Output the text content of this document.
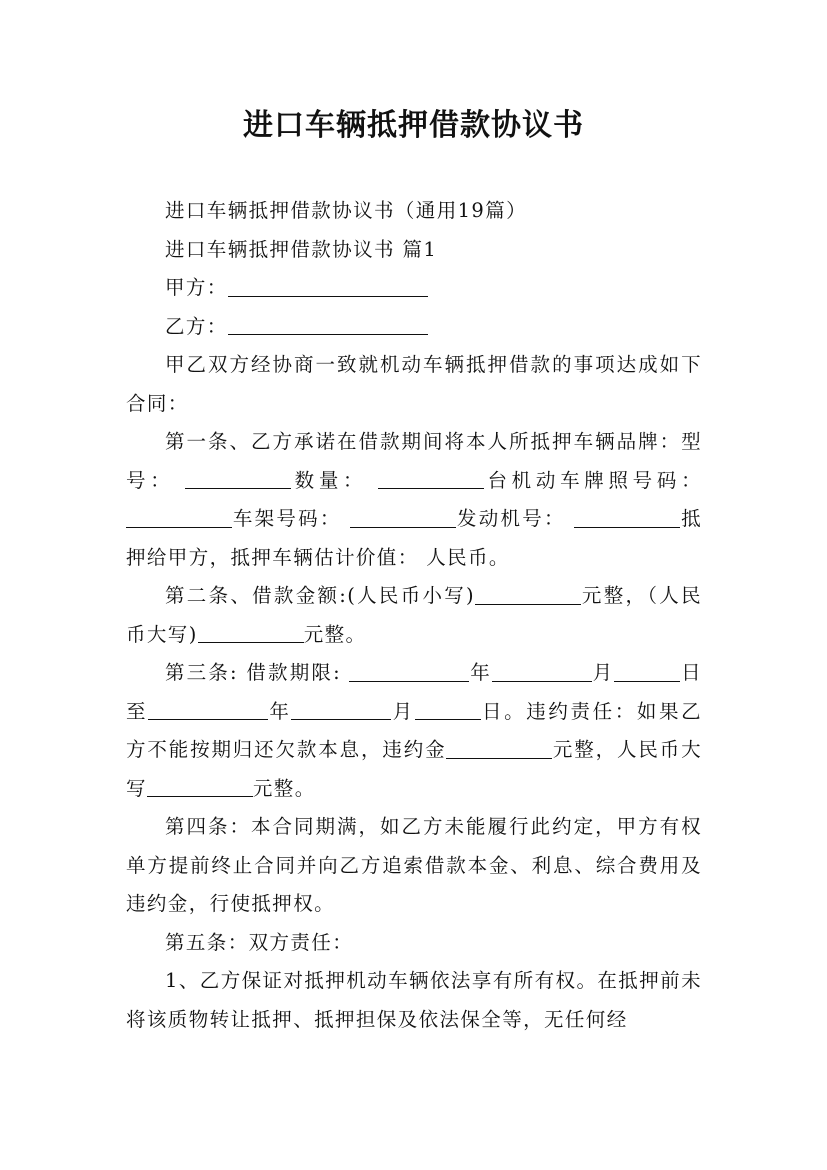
进口车辆抵押借款协议书

进口车辆抵押借款协议书（通用19篇）

进口车辆抵押借款协议书 篇1

甲方：

乙方：

甲乙双方经协商一致就机动车辆抵押借款的事项达成如下合同：

第一条、乙方承诺在借款期间将本人所抵押车辆品牌：型号：	数量：	台机动车牌照号码：车架号码：	发动机号：	抵押给甲方，抵押车辆估计价值： 人民币。

第二条、借款金额:(人民币小写)	元整，（人民币大写)	元整。

第三条: 借款期限:	年	月	日至	年	月	日。违约责任：如果乙方不能按期归还欠款本息，违约金	元整，人民币大写	元整。

第四条：本合同期满，如乙方未能履行此约定，甲方有权单方提前终止合同并向乙方追索借款本金、利息、综合费用及违约金，行使抵押权。

第五条：双方责任：

1、乙方保证对抵押机动车辆依法享有所有权。在抵押前未将该质物转让抵押、抵押担保及依法保全等，无任何经
